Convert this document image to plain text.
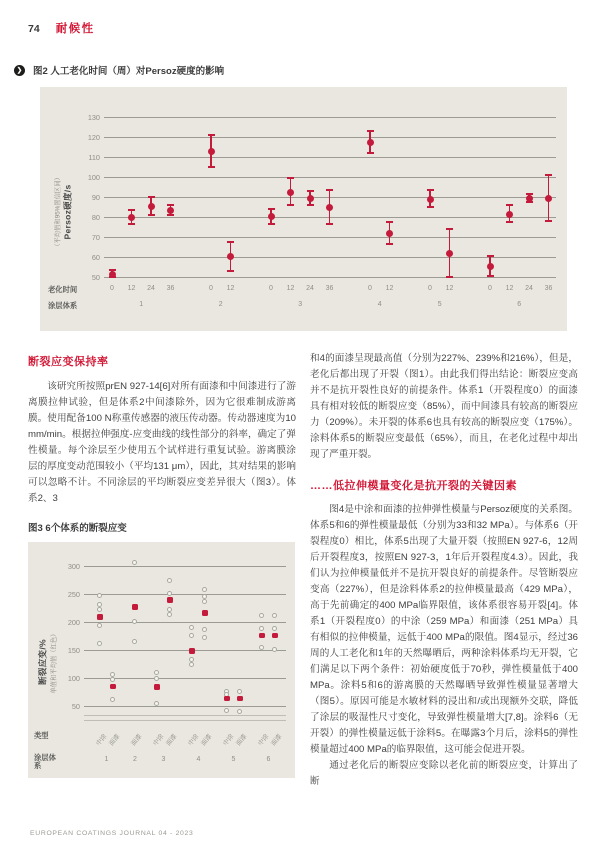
74 耐候性
❯ 图2 人工老化时间（周）对Persoz硬度的影响
（平均值和95%置信区间） Persoz硬度/s
130
120
110
100
90
80
70
60
50
老化时间
涂层体系
0	12	24	36
1
0	12
2
0	12	24	36
3
0	12
4
0	12
5
0	12	24	36
6
断裂应变保持率

该研究所按照prEN 927-14[6]对所有面漆和中间漆进行了游离膜拉伸试验，但是体系2中间漆除外，因为它很难制成游离膜。使用配备100 N称重传感器的液压传动器。传动器速度为10 mm/min。根据拉伸强度-应变曲线的线性部分的斜率，确定了弹性模量。每个涂层至少使用五个试样进行重复试验。游离膜涂层的厚度变动范围较小（平均131 μm），因此，其对结果的影响可以忽略不计。不同涂层的平均断裂应变差异很大（图3）。体系2、3

图3 6个体系的断裂应变
断裂应变/% 单值和平均值（红色）
300
250
200
150
100
50
类型
涂层体系
中涂 面漆
1
面漆
2
中涂 面漆
3
中涂 面漆
4
中涂 面漆
5
中涂 面漆
6

和4的面漆呈现最高值（分别为227%、239%和216%），但是，老化后都出现了开裂（图1）。由此我们得出结论：断裂应变高并不是抗开裂性良好的前提条件。体系1（开裂程度0）的面漆具有相对较低的断裂应变（85%），而中间漆具有较高的断裂应力（209%）。未开裂的体系6也具有较高的断裂应变（175%）。涂料体系5的断裂应变最低（65%），而且，在老化过程中却出现了严重开裂。

……低拉伸模量变化是抗开裂的关键因素

图4是中涂和面漆的拉伸弹性模量与Persoz硬度的关系图。体系5和6的弹性模量最低（分别为33和32 MPa）。与体系6（开裂程度0）相比，体系5出现了大量开裂（按照EN 927-6，12周后开裂程度3，按照EN 927-3，1年后开裂程度4.3）。因此，我们认为拉伸模量低并不是抗开裂良好的前提条件。尽管断裂应变高（227%），但是涂料体系2的拉伸模量最高（429 MPa），高于先前确定的400 MPa临界限值，该体系很容易开裂[4]。体系1（开裂程度0）的中涂（259 MPa）和面漆（251 MPa）具有相似的拉伸模量，远低于400 MPa的限值。图4显示，经过36周的人工老化和1年的天然曝晒后，两种涂料体系均无开裂，它们满足以下两个条件：初始硬度低于70秒，弹性模量低于400 MPa。涂料5和6的游离膜的天然曝晒导致弹性模量显著增大（图5）。原因可能是水敏材料的浸出和/或出现额外交联，降低了涂层的吸湿性尺寸变化，导致弹性模量增大[7,8]。涂料6（无开裂）的弹性模量远低于涂料5。在曝露3个月后，涂料5的弹性模量超过400 MPa的临界限值，这可能会促进开裂。

通过老化后的断裂应变除以老化前的断裂应变，计算出了断

EUROPEAN COATINGS JOURNAL 04 - 2023
